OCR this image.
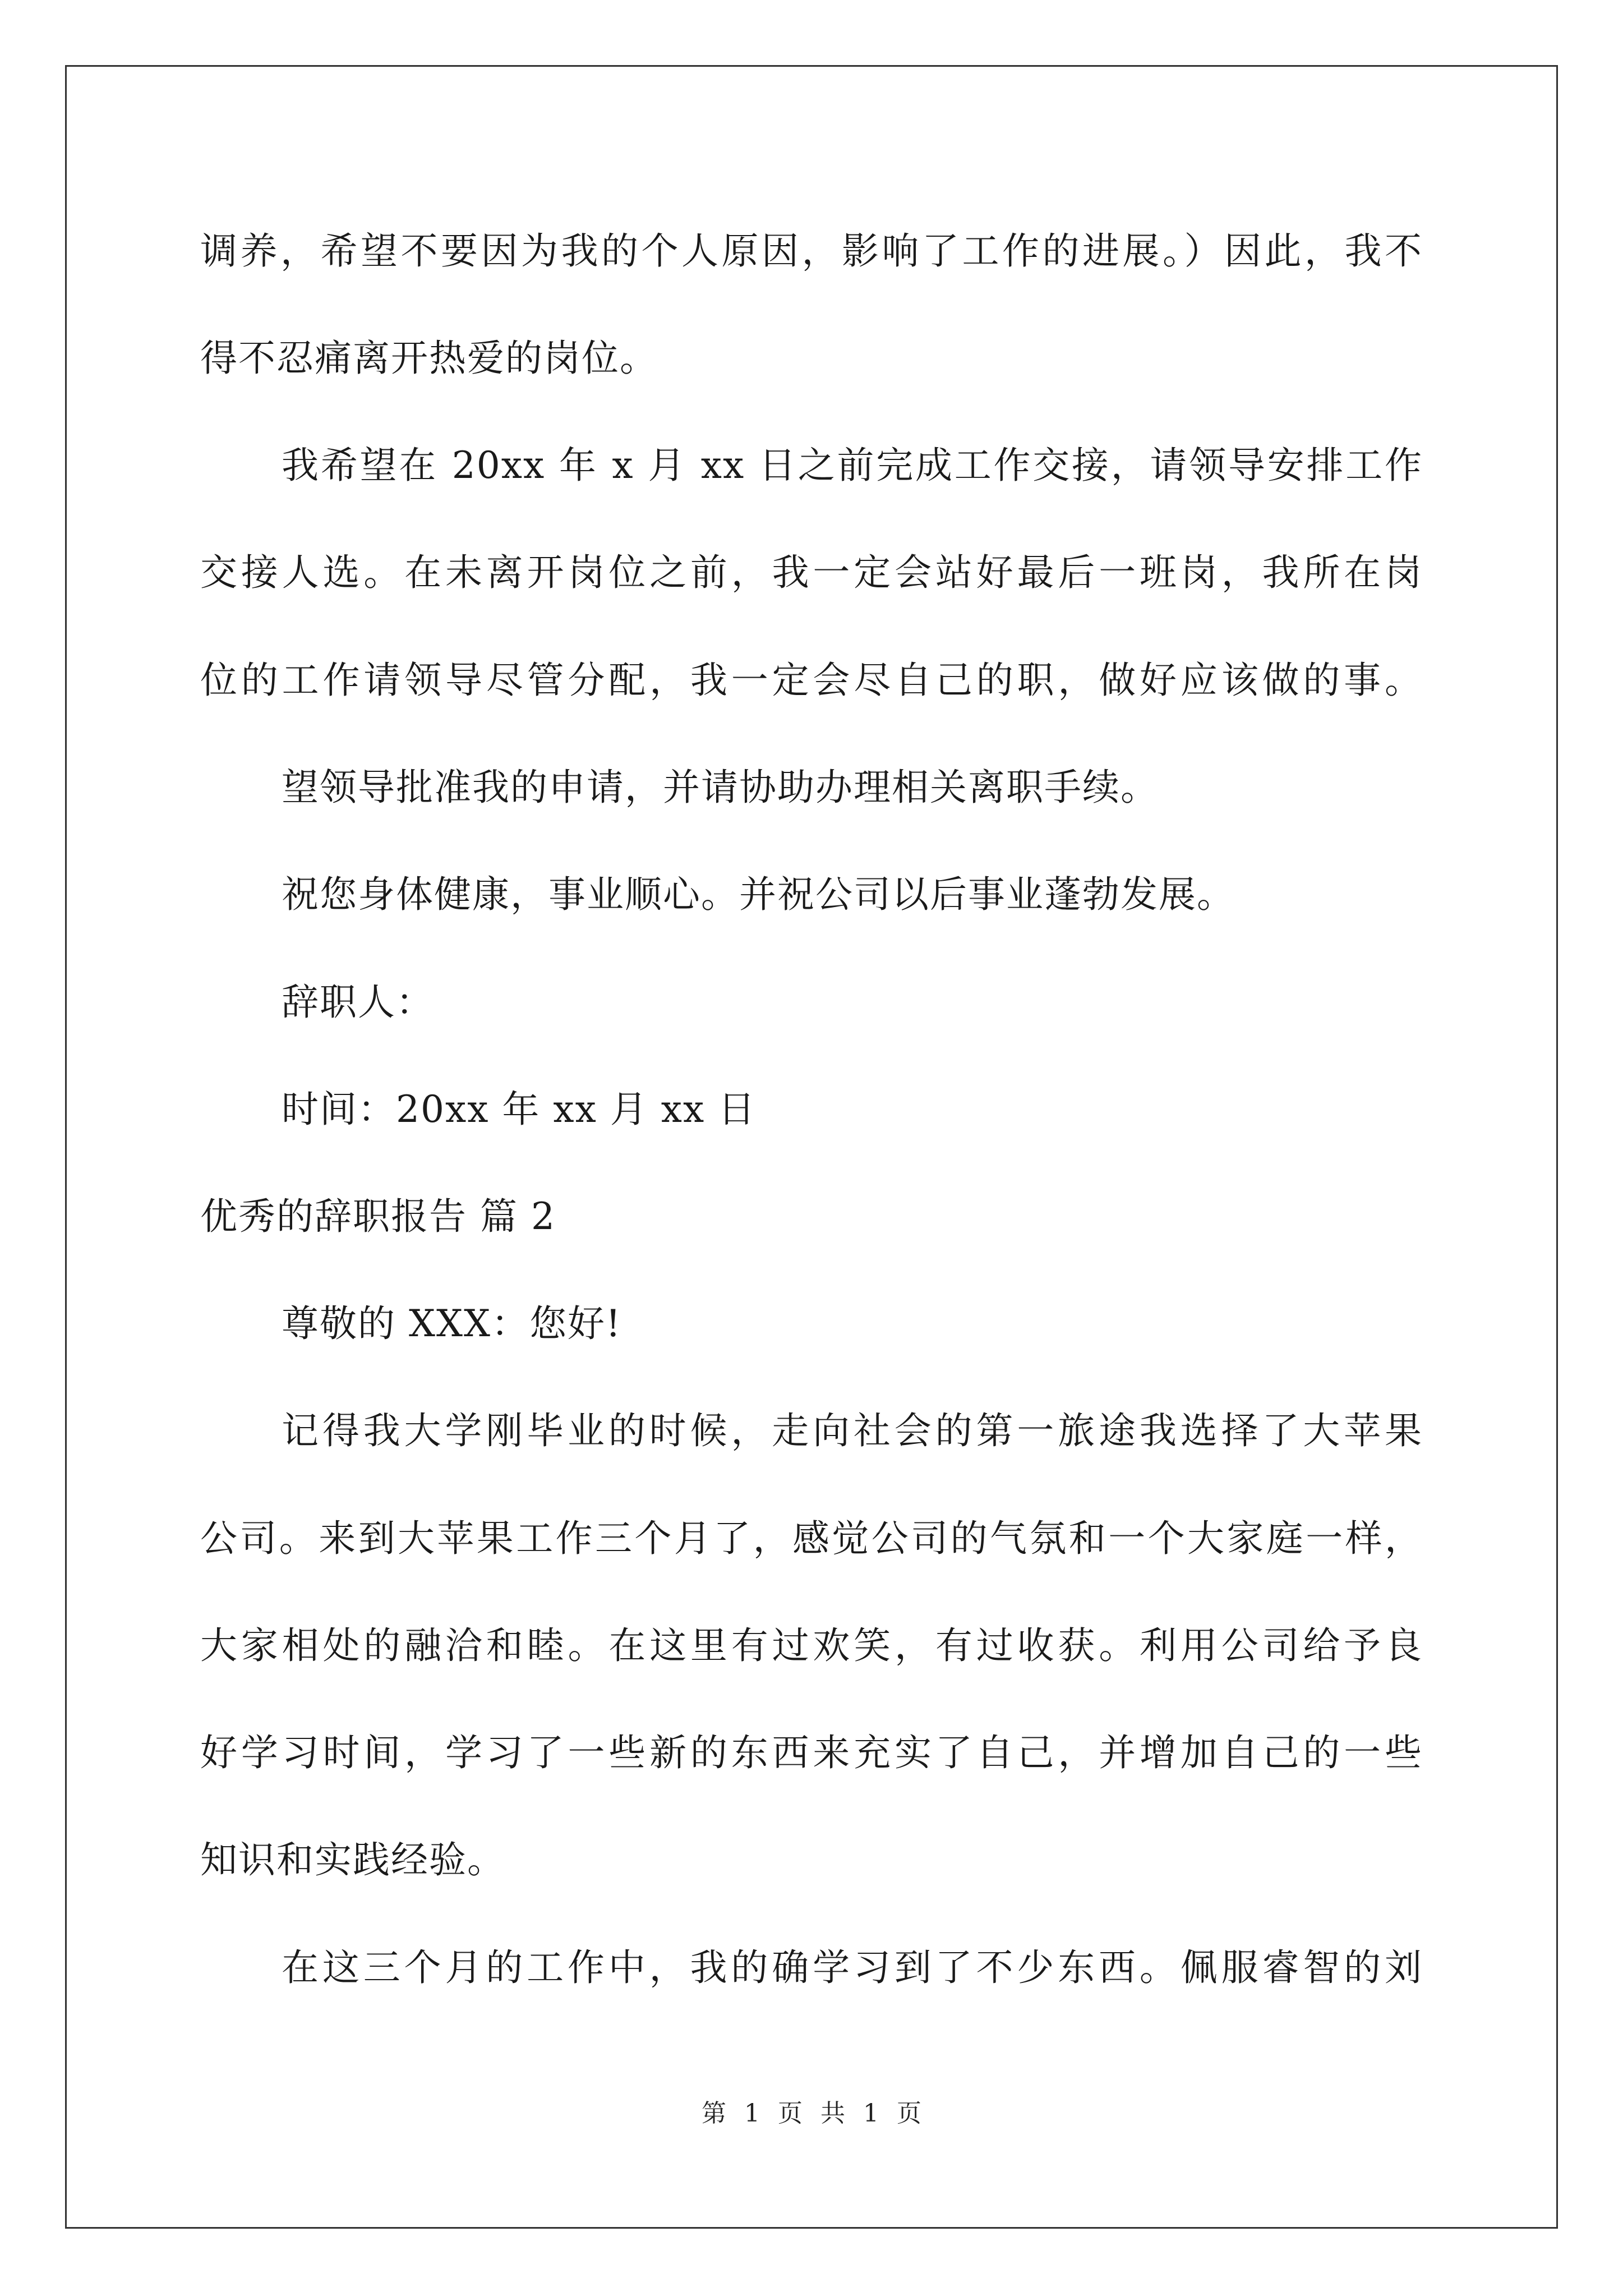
调养，希望不要因为我的个人原因，影响了工作的进展。）因此，我不
得不忍痛离开热爱的岗位。
我希望在 20xx 年 x 月 xx 日之前完成工作交接，请领导安排工作
交接人选。在未离开岗位之前，我一定会站好最后一班岗，我所在岗
位的工作请领导尽管分配，我一定会尽自己的职，做好应该做的事。
望领导批准我的申请，并请协助办理相关离职手续。
祝您身体健康，事业顺心。并祝公司以后事业蓬勃发展。
辞职人：
时间：20xx 年 xx 月 xx 日
优秀的辞职报告 篇 2
尊敬的 XXX：您好!
记得我大学刚毕业的时候，走向社会的第一旅途我选择了大苹果
公司。来到大苹果工作三个月了，感觉公司的气氛和一个大家庭一样，
大家相处的融洽和睦。在这里有过欢笑，有过收获。利用公司给予良
好学习时间，学习了一些新的东西来充实了自己，并增加自己的一些
知识和实践经验。
在这三个月的工作中，我的确学习到了不少东西。佩服睿智的刘
第 1 页 共 1 页
